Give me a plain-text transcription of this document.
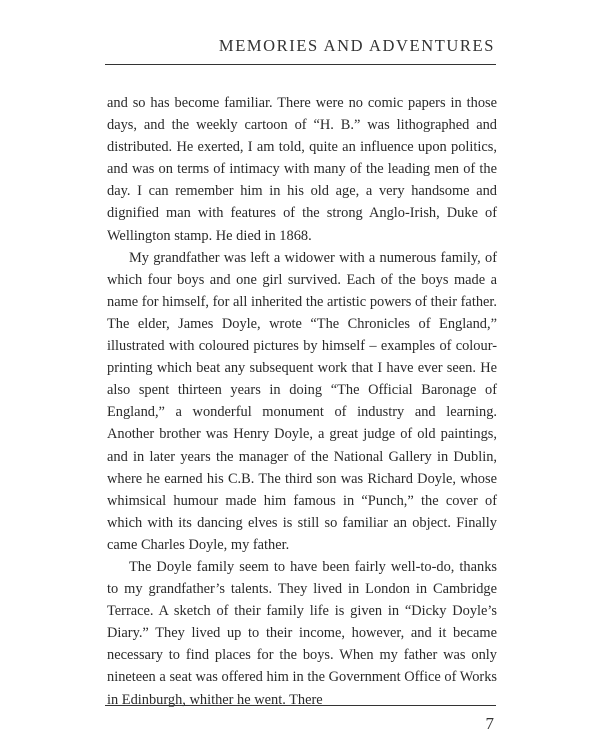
MEMORIES AND ADVENTURES

and so has become familiar. There were no comic papers in those days, and the weekly cartoon of “H. B.” was lithographed and distributed. He exerted, I am told, quite an influence upon politics, and was on terms of intimacy with many of the leading men of the day. I can remember him in his old age, a very handsome and dignified man with features of the strong Anglo-Irish, Duke of Wellington stamp. He died in 1868.

My grandfather was left a widower with a numerous family, of which four boys and one girl survived. Each of the boys made a name for himself, for all inherited the artistic powers of their father. The elder, James Doyle, wrote “The Chronicles of England,” illustrated with coloured pictures by himself – examples of colour-printing which beat any subsequent work that I have ever seen. He also spent thirteen years in doing “The Official Baronage of England,” a wonderful monument of industry and learning. Another brother was Henry Doyle, a great judge of old paintings, and in later years the manager of the National Gallery in Dublin, where he earned his C.B. The third son was Richard Doyle, whose whimsical humour made him famous in “Punch,” the cover of which with its dancing elves is still so familiar an object. Finally came Charles Doyle, my father.

The Doyle family seem to have been fairly well-to-do, thanks to my grandfather’s talents. They lived in London in Cambridge Terrace. A sketch of their family life is given in “Dicky Doyle’s Diary.” They lived up to their income, however, and it became necessary to find places for the boys. When my father was only nineteen a seat was offered him in the Government Office of Works in Edinburgh, whither he went. There

7
